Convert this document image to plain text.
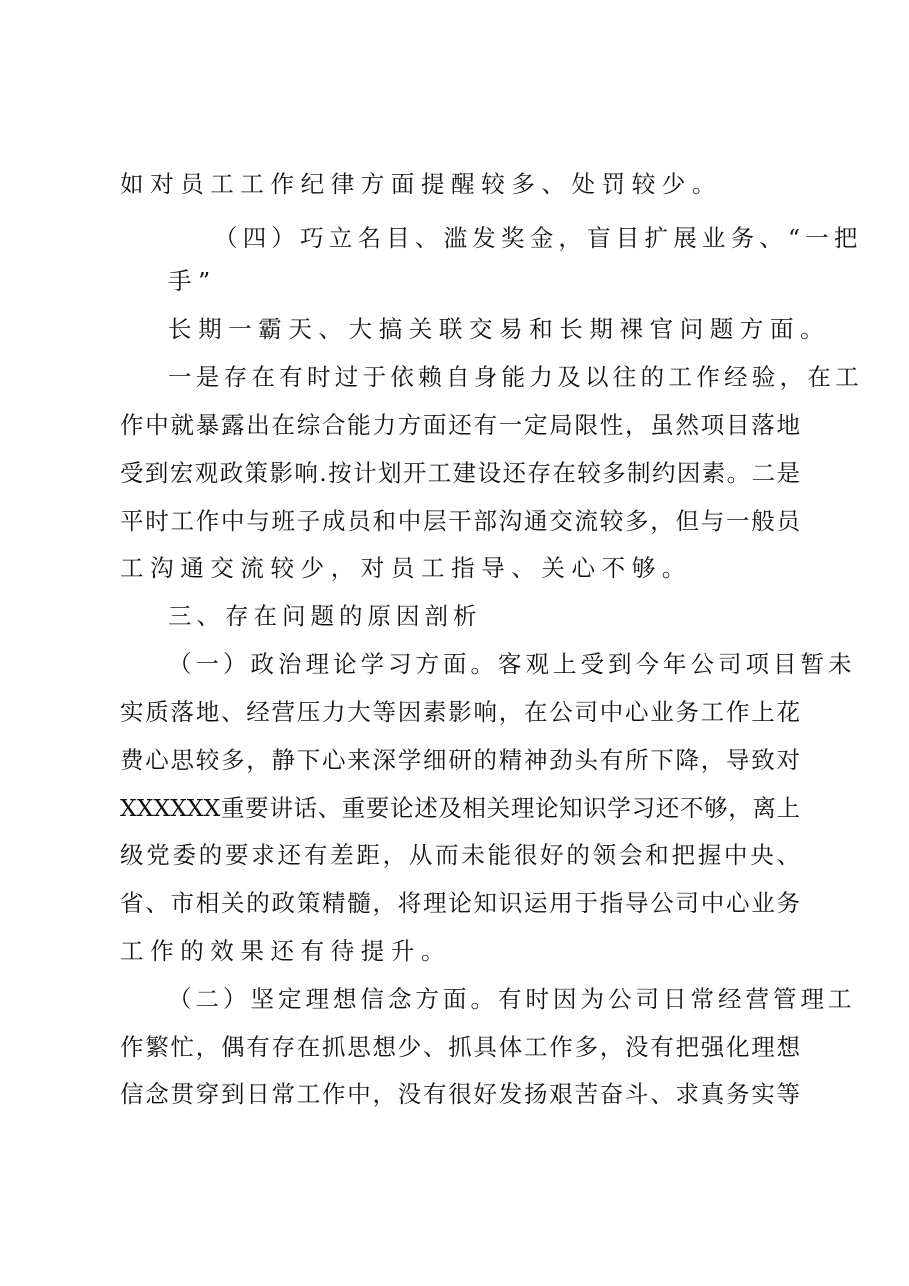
如对员工工作纪律方面提醒较多、处罚较少。
（四）巧立名目、滥发奖金，盲目扩展业务、“一把
手”
长期一霸天、大搞关联交易和长期裸官问题方面。
一是存在有时过于依赖自身能力及以往的工作经验，在工
作中就暴露出在综合能力方面还有一定局限性，虽然项目落地
受到宏观政策影响.按计划开工建设还存在较多制约因素。二是
平时工作中与班子成员和中层干部沟通交流较多，但与一般员
工沟通交流较少，对员工指导、关心不够。
三、存在问题的原因剖析
（一）政治理论学习方面。客观上受到今年公司项目暂未
实质落地、经营压力大等因素影响，在公司中心业务工作上花
费心思较多，静下心来深学细研的精神劲头有所下降，导致对
XXXXXX重要讲话、重要论述及相关理论知识学习还不够，离上
级党委的要求还有差距，从而未能很好的领会和把握中央、
省、市相关的政策精髓，将理论知识运用于指导公司中心业务
工作的效果还有待提升。
（二）坚定理想信念方面。有时因为公司日常经营管理工
作繁忙，偶有存在抓思想少、抓具体工作多，没有把强化理想
信念贯穿到日常工作中，没有很好发扬艰苦奋斗、求真务实等
